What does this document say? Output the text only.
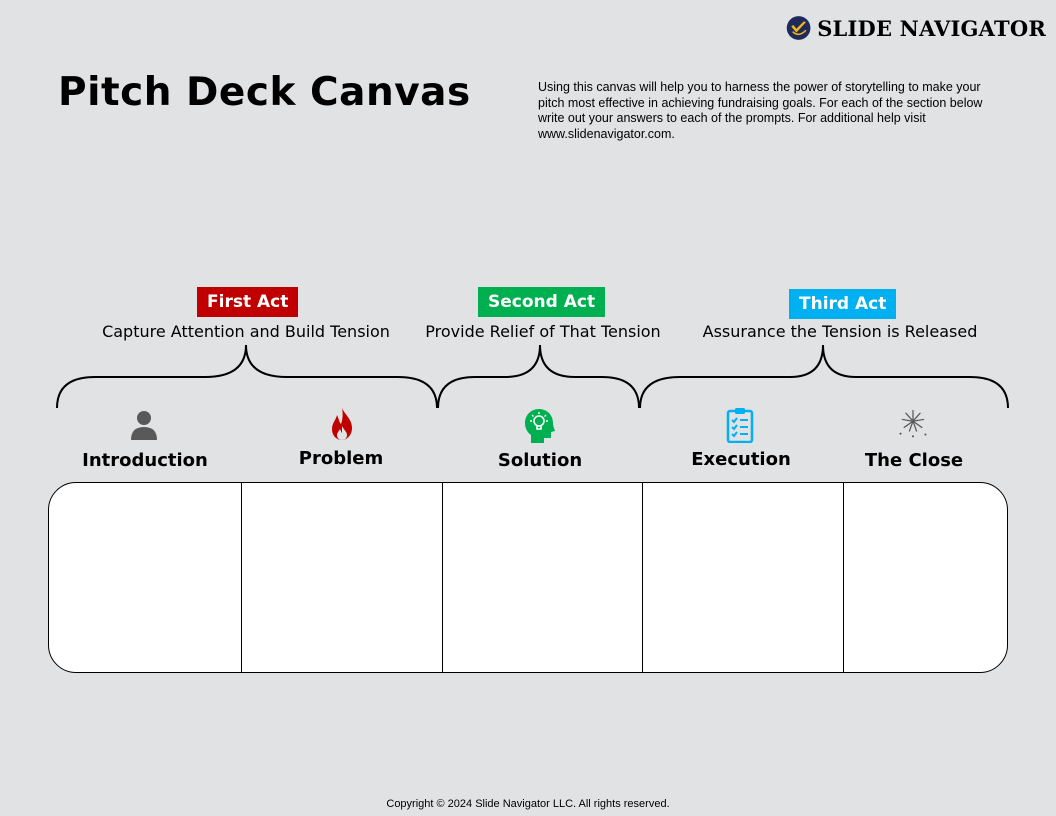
SLIDE NAVIGATOR
Pitch Deck Canvas	Using this canvas will help you to harness the power of storytelling to make your pitch most effective in achieving fundraising goals. For each of the section below write out your answers to each of the prompts. For additional help visit www.slidenavigator.com.
First Act	Second Act	Third Act
Capture Attention and Build Tension	Provide Relief of That Tension	Assurance the Tension is Released
Introduction	Problem	Solution	Execution	The Close
Copyright © 2024 Slide Navigator LLC. All rights reserved.
